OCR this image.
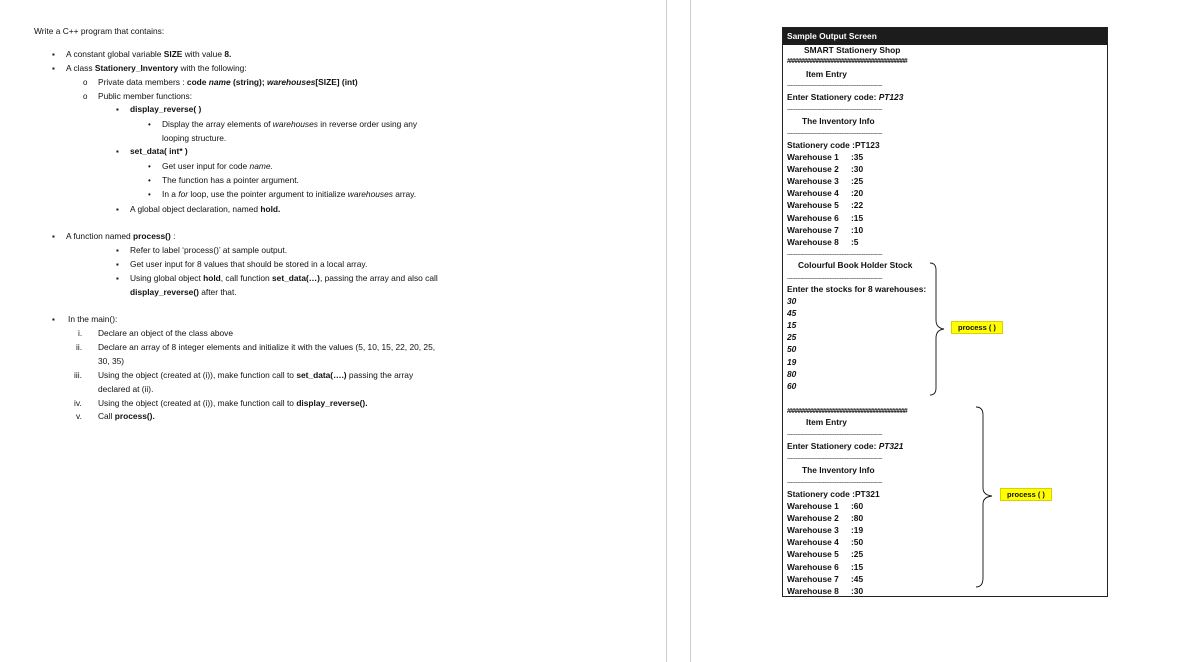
Write a C++ program that contains:
▪ A constant global variable SIZE with value 8.
▪ A class Stationery_Inventory with the following:
o Private data members : code name (string); warehouses[SIZE] (int)
o Public member functions:
▪ display_reverse( )
• Display the array elements of warehouses in reverse order using any
looping structure.
▪ set_data( int* )
• Get user input for code name.
• The function has a pointer argument.
• In a for loop, use the pointer argument to initialize warehouses array.
▪ A global object declaration, named hold.
▪ A function named process() :
▪ Refer to label ‘process()’ at sample output.
▪ Get user input for 8 values that should be stored in a local array.
▪ Using global object hold, call function set_data(…), passing the array and also call
display_reverse() after that.
▪ In the main():
i. Declare an object of the class above
ii. Declare an array of 8 integer elements and initialize it with the values (5, 10, 15, 22, 20, 25,
30, 35)
iii. Using the object (created at (i)), make function call to set_data(….) passing the array
declared at (ii).
iv. Using the object (created at (i)), make function call to display_reverse().
v. Call process().
Sample Output Screen
SMART Stationery Shop
########################################
Item Entry
--------------------------------------------------------
Enter Stationery code: PT123
--------------------------------------------------------
The Inventory Info
--------------------------------------------------------
Stationery code :PT123
Warehouse 1 :35
Warehouse 2 :30
Warehouse 3 :25
Warehouse 4 :20
Warehouse 5 :22
Warehouse 6 :15
Warehouse 7 :10
Warehouse 8 :5
--------------------------------------------------------
Colourful Book Holder Stock
--------------------------------------------------------
Enter the stocks for 8 warehouses:
30
45
15
25
50
19
80
60
########################################
Item Entry
--------------------------------------------------------
Enter Stationery code: PT321
--------------------------------------------------------
The Inventory Info
--------------------------------------------------------
Stationery code :PT321
Warehouse 1 :60
Warehouse 2 :80
Warehouse 3 :19
Warehouse 4 :50
Warehouse 5 :25
Warehouse 6 :15
Warehouse 7 :45
Warehouse 8 :30
process ( )
process ( )
